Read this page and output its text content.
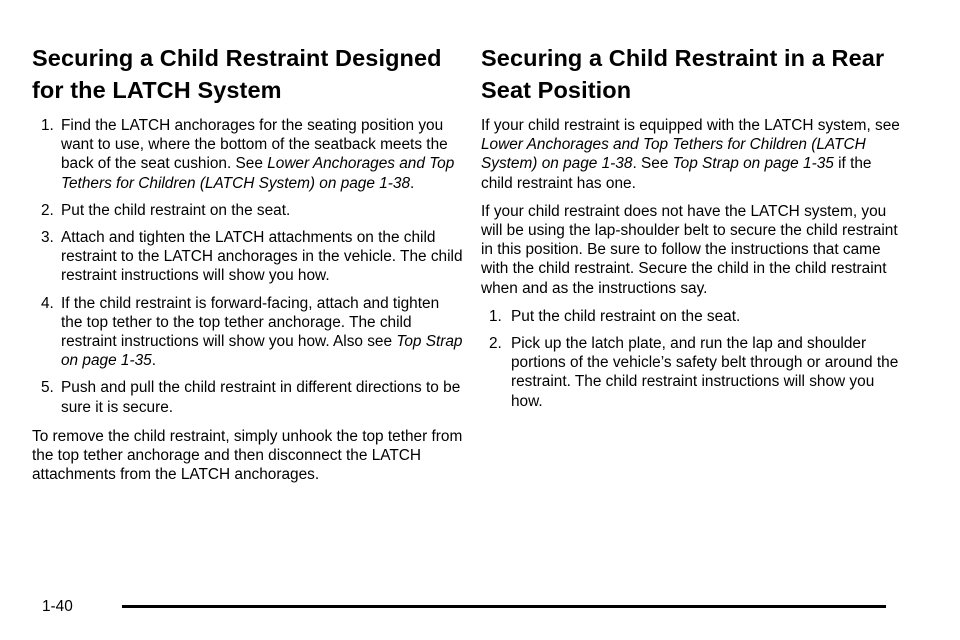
Securing a Child Restraint Designed for the LATCH System
1. Find the LATCH anchorages for the seating position you want to use, where the bottom of the seatback meets the back of the seat cushion. See Lower Anchorages and Top Tethers for Children (LATCH System) on page 1-38.
2. Put the child restraint on the seat.
3. Attach and tighten the LATCH attachments on the child restraint to the LATCH anchorages in the vehicle. The child restraint instructions will show you how.
4. If the child restraint is forward-facing, attach and tighten the top tether to the top tether anchorage. The child restraint instructions will show you how. Also see Top Strap on page 1-35.
5. Push and pull the child restraint in different directions to be sure it is secure.

To remove the child restraint, simply unhook the top tether from the top tether anchorage and then disconnect the LATCH attachments from the LATCH anchorages.

Securing a Child Restraint in a Rear Seat Position

If your child restraint is equipped with the LATCH system, see Lower Anchorages and Top Tethers for Children (LATCH System) on page 1-38. See Top Strap on page 1-35 if the child restraint has one.

If your child restraint does not have the LATCH system, you will be using the lap-shoulder belt to secure the child restraint in this position. Be sure to follow the instructions that came with the child restraint. Secure the child in the child restraint when and as the instructions say.

1. Put the child restraint on the seat.
2. Pick up the latch plate, and run the lap and shoulder portions of the vehicle’s safety belt through or around the restraint. The child restraint instructions will show you how.
1-40
